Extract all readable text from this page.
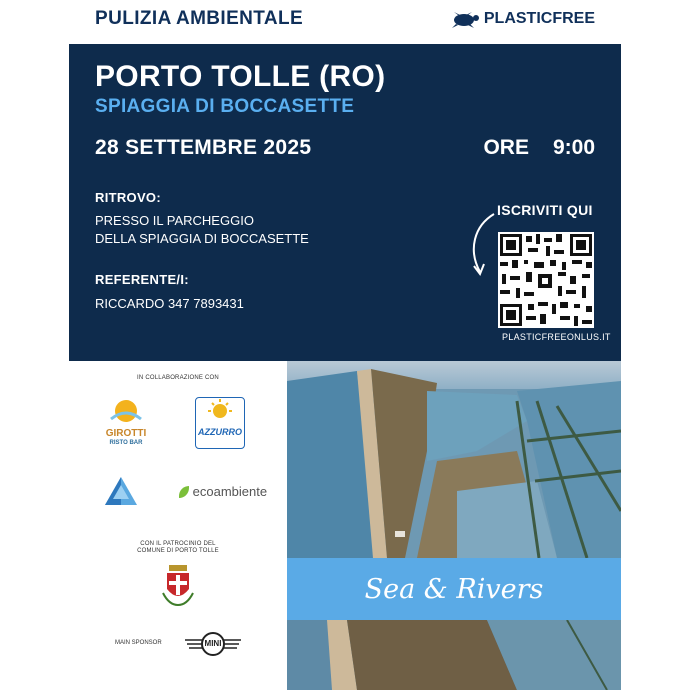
PULIZIA AMBIENTALE	PLASTICFREE
PORTO TOLLE (RO)
SPIAGGIA DI BOCCASETTE
28 SETTEMBRE 2025	ORE 9:00
RITROVO:
PRESSO IL PARCHEGGIO
DELLA SPIAGGIA DI BOCCASETTE
REFERENTE/I:
RICCARDO 347 7893431
ISCRIVITI QUI
PLASTICFREEONLUS.IT
IN COLLABORAZIONE CON
GIROTTI
RISTO BAR
AZZURRO
ecoambiente
CON IL PATROCINIO DEL
COMUNE DI PORTO TOLLE
MAIN SPONSOR	MINI
Sea & Rivers
